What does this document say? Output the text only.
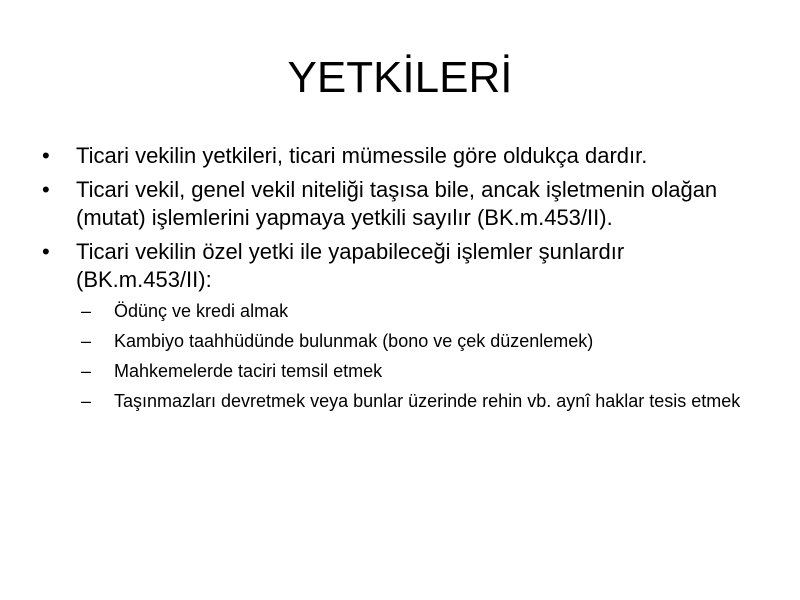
YETKİLERİ
•	Ticari vekilin yetkileri, ticari mümessile göre oldukça dardır.
•	Ticari vekil, genel vekil niteliği taşısa bile, ancak işletmenin olağan (mutat) işlemlerini yapmaya yetkili sayılır (BK.m.453/II).
•	Ticari vekilin özel yetki ile yapabileceği işlemler şunlardır (BK.m.453/II):
–	Ödünç ve kredi almak
–	Kambiyo taahhüdünde bulunmak (bono ve çek düzenlemek)
–	Mahkemelerde taciri temsil etmek
–	Taşınmazları devretmek veya bunlar üzerinde rehin vb. aynî haklar tesis etmek
